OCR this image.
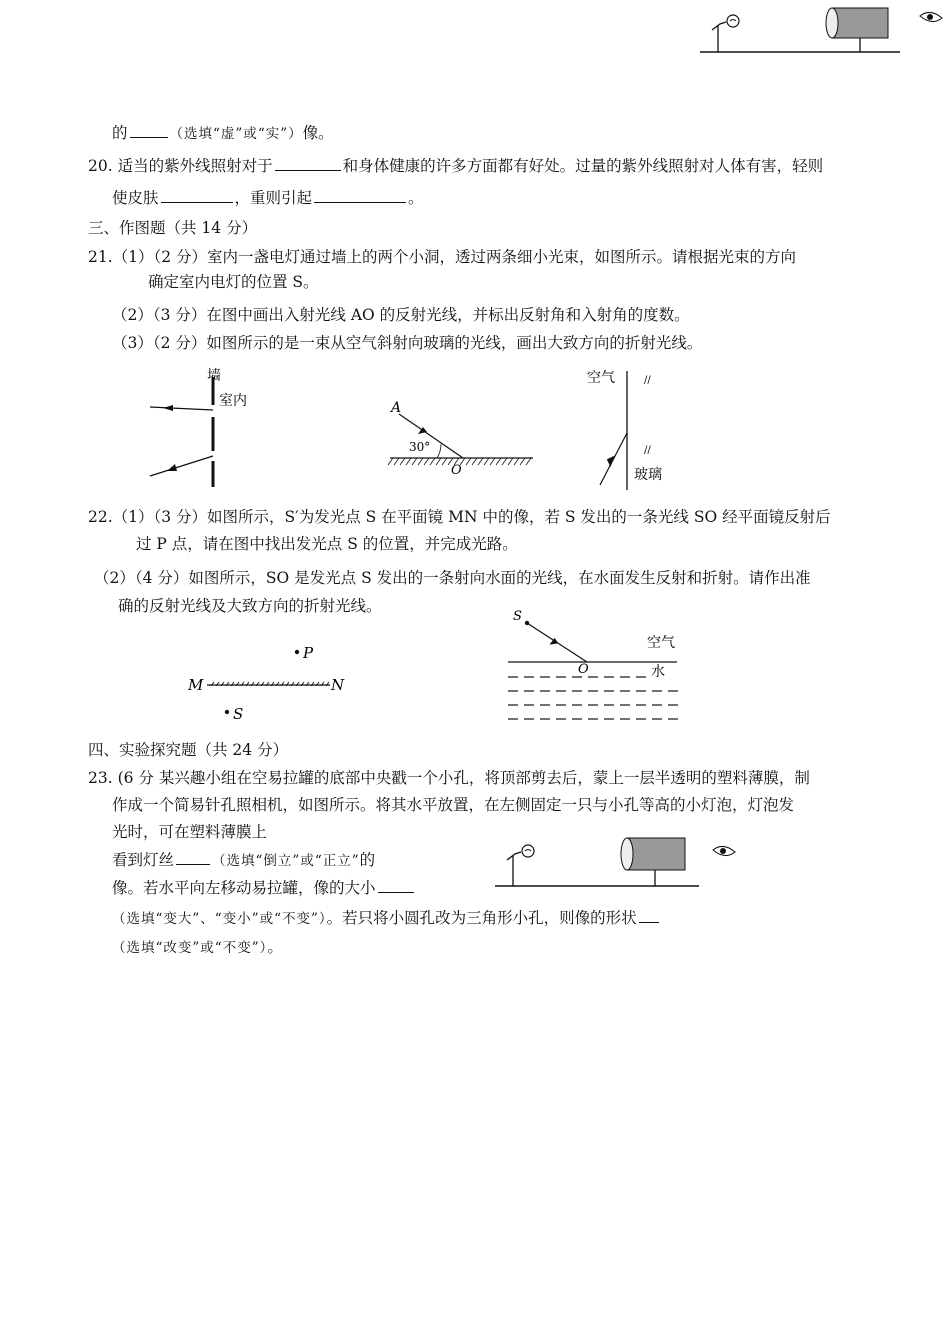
的	（选填“虚”或“实”）像。
20. 适当的紫外线照射对于	和身体健康的许多方面都有好处。过量的紫外线照射对人体有害，轻则
使皮肤	，重则引起	。
三、作图题（共 14 分）
21.（1）（2 分）室内一盏电灯通过墙上的两个小洞，透过两条细小光束，如图所示。请根据光束的方向
确定室内电灯的位置 S。
（2）（3 分）在图中画出入射光线 AO 的反射光线，并标出反射角和入射角的度数。
（3）（2 分）如图所示的是一束从空气斜射向玻璃的光线，画出大致方向的折射光线。
墙
室内	A
30°
O
//
//
空气
玻璃
22.（1）（3 分）如图所示，S′为发光点 S 在平面镜 MN 中的像，若 S 发出的一条光线 SO 经平面镜反射后
过 P 点，请在图中找出发光点 S 的位置，并完成光路。
（2）（4 分）如图所示，SO 是发光点 S 发出的一条射向水面的光线，在水面发生反射和折射。请作出准
确的反射光线及大致方向的折射光线。
P
M	N
S
S
O
空气
水
四、实验探究题（共 24 分）
23. (6 分 某兴趣小组在空易拉罐的底部中央戳一个小孔，将顶部剪去后，蒙上一层半透明的塑料薄膜，制
作成一个简易针孔照相机，如图所示。将其水平放置，在左侧固定一只与小孔等高的小灯泡，灯泡发
光时，可在塑料薄膜上
看到灯丝	（选填“倒立”或“正立”的
像。若水平向左移动易拉罐，像的大小
（选填“变大”、“变小”或“不变”）。若只将小圆孔改为三角形小孔，则像的形状
（选填“改变”或“不变”）。
